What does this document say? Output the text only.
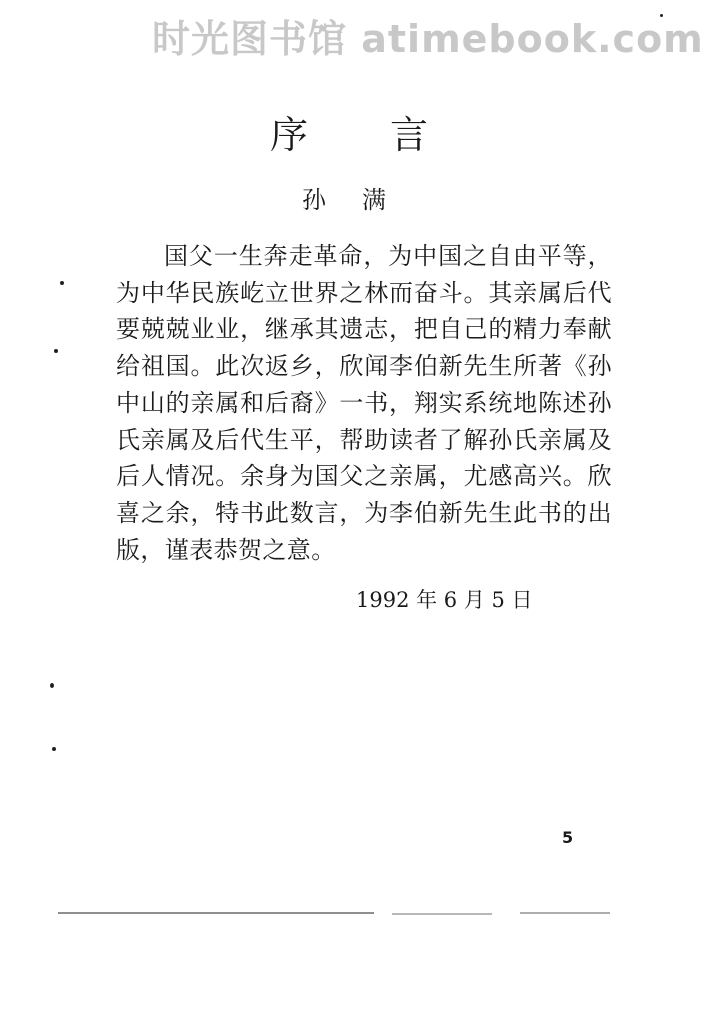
时光图书馆 atimebook.com
序言
孙满

国父一生奔走革命，为中国之自由平等，为中华民族屹立世界之林而奋斗。其亲属后代要兢兢业业，继承其遗志，把自己的精力奉献给祖国。此次返乡，欣闻李伯新先生所著《孙中山的亲属和后裔》一书，翔实系统地陈述孙氏亲属及后代生平，帮助读者了解孙氏亲属及后人情况。余身为国父之亲属，尤感高兴。欣喜之余，特书此数言，为李伯新先生此书的出版，谨表恭贺之意。

1992 年 6 月 5 日
5
